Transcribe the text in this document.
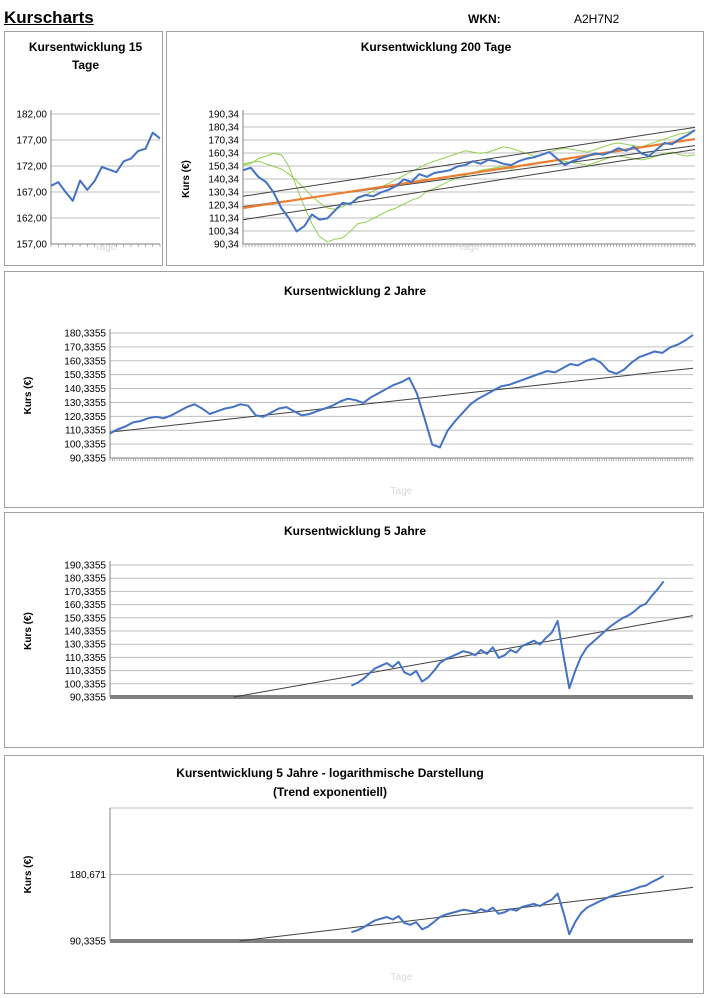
Kurscharts	WKN:	A2H7N2
Kursentwicklung 15
Tage
182,00
177,00
172,00
167,00
162,00
157,00	Tage
Kursentwicklung 200 Tage
190,34
180,34
170,34
160,34
150,34
140,34
130,34
120,34
110,34
100,34
90,34
Kurs (€)
Tage
Kursentwicklung 2 Jahre
180,3355
170,3355
160,3355
150,3355
140,3355
130,3355
120,3355
110,3355
100,3355
90,3355
Kurs (€)
Tage
Kursentwicklung 5 Jahre
190,3355
180,3355
170,3355
160,3355
150,3355
140,3355
130,3355
110,3355
110,3355
100,3355
90,3355
Kurs (€)
Kursentwicklung 5 Jahre - logarithmische Darstellung
(Trend exponentiell)
180,671
90,3355
Kurs (€)
Tage
